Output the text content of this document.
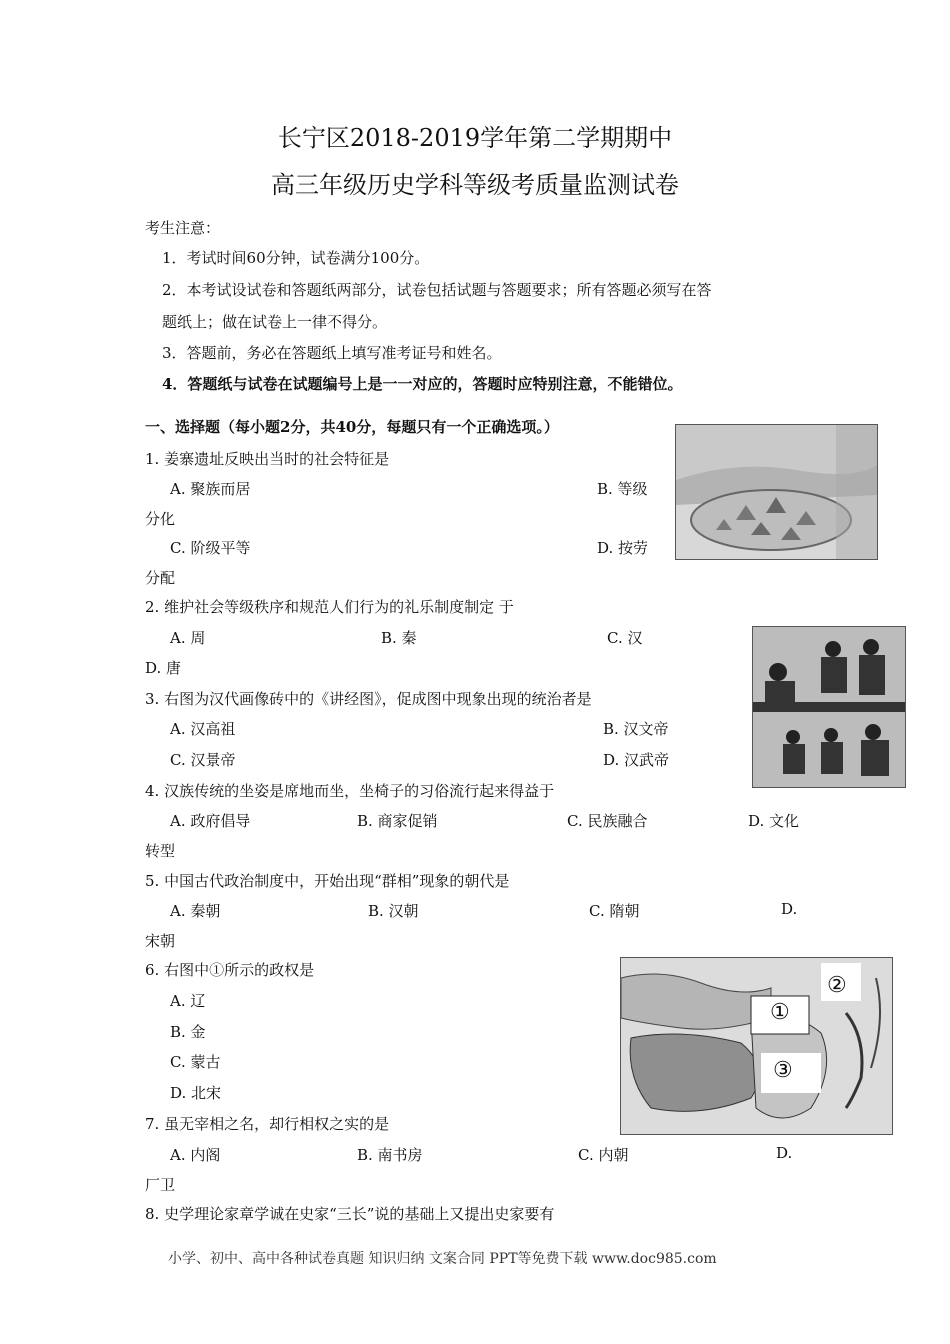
长宁区2018-2019学年第二学期期中
高三年级历史学科等级考质量监测试卷
考生注意：
1．考试时间60分钟，试卷满分100分。
2．本考试设试卷和答题纸两部分，试卷包括试题与答题要求；所有答题必须写在答
题纸上；做在试卷上一律不得分。
3．答题前，务必在答题纸上填写准考证号和姓名。
4．答题纸与试卷在试题编号上是一一对应的，答题时应特别注意，不能错位。
一、选择题（每小题2分，共40分，每题只有一个正确选项。）
1. 姜寨遗址反映出当时的社会特征是
A. 聚族而居	B. 等级
分化
C. 阶级平等	D. 按劳
分配
2. 维护社会等级秩序和规范人们行为的礼乐制度制定 于
A. 周	B. 秦	C. 汉
D. 唐
3. 右图为汉代画像砖中的《讲经图》，促成图中现象出现的统治者是
A. 汉高祖	B. 汉文帝
C. 汉景帝	D. 汉武帝
4. 汉族传统的坐姿是席地而坐，坐椅子的习俗流行起来得益于
A. 政府倡导	B. 商家促销	C. 民族融合	D. 文化
转型
5. 中国古代政治制度中，开始出现“群相”现象的朝代是
A. 秦朝	B. 汉朝	C. 隋朝	D.
宋朝
①
②
③
6. 右图中①所示的政权是
A. 辽
B. 金
C. 蒙古
D. 北宋
7. 虽无宰相之名，却行相权之实的是
A. 内阁	B. 南书房	C. 内朝	D.
厂卫
8. 史学理论家章学诚在史家“三长”说的基础上又提出史家要有
小学、初中、高中各种试卷真题 知识归纳 文案合同 PPT等免费下载 www.doc985.com
